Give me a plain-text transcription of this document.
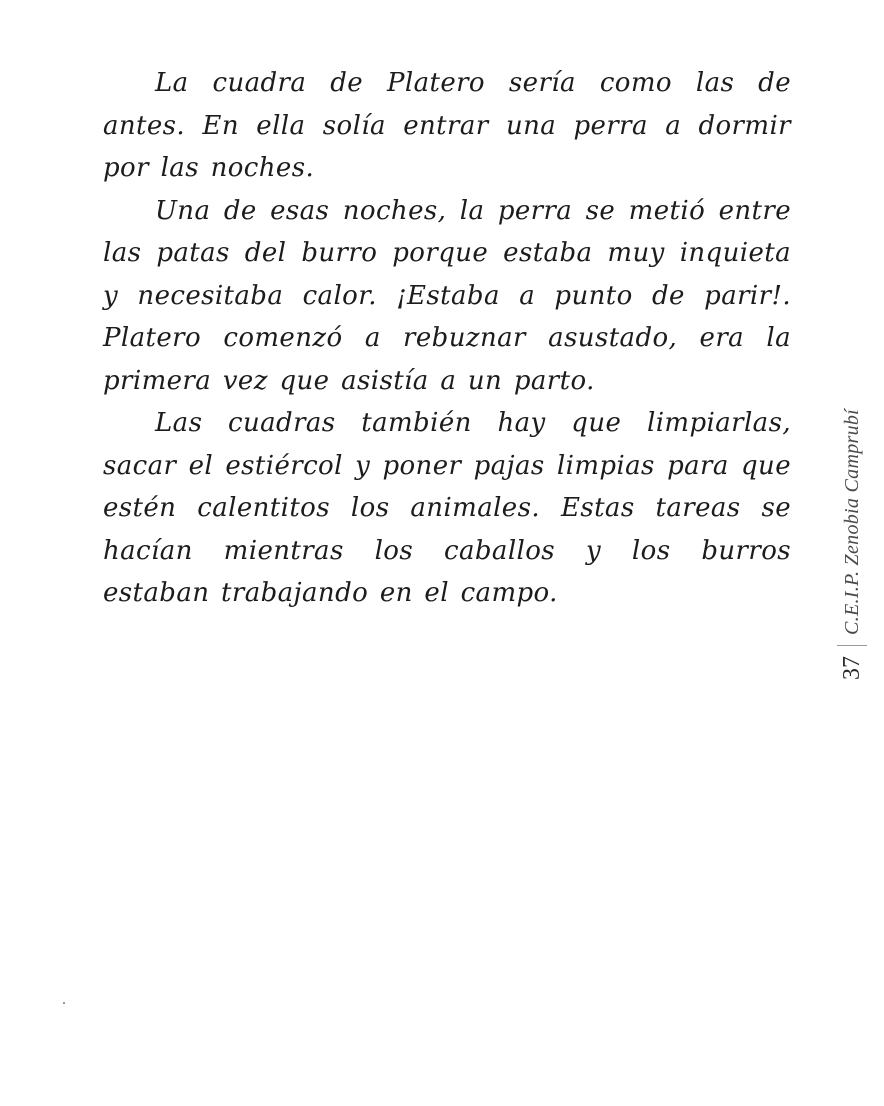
La cuadra de Platero sería como las de antes. En ella solía entrar una perra a dormir por las noches.

Una de esas noches, la perra se metió entre las patas del burro porque estaba muy inquieta y necesitaba calor. ¡Estaba a punto de parir!. Platero comenzó a rebuznar asustado, era la primera vez que asistía a un parto.

Las cuadras también hay que limpiarlas, sacar el estiércol y poner pajas limpias para que estén calentitos los animales. Estas tareas se hacían mientras los caballos y los burros estaban trabajando en el campo.

37
C.E.I.P. Zenobia Camprubí
